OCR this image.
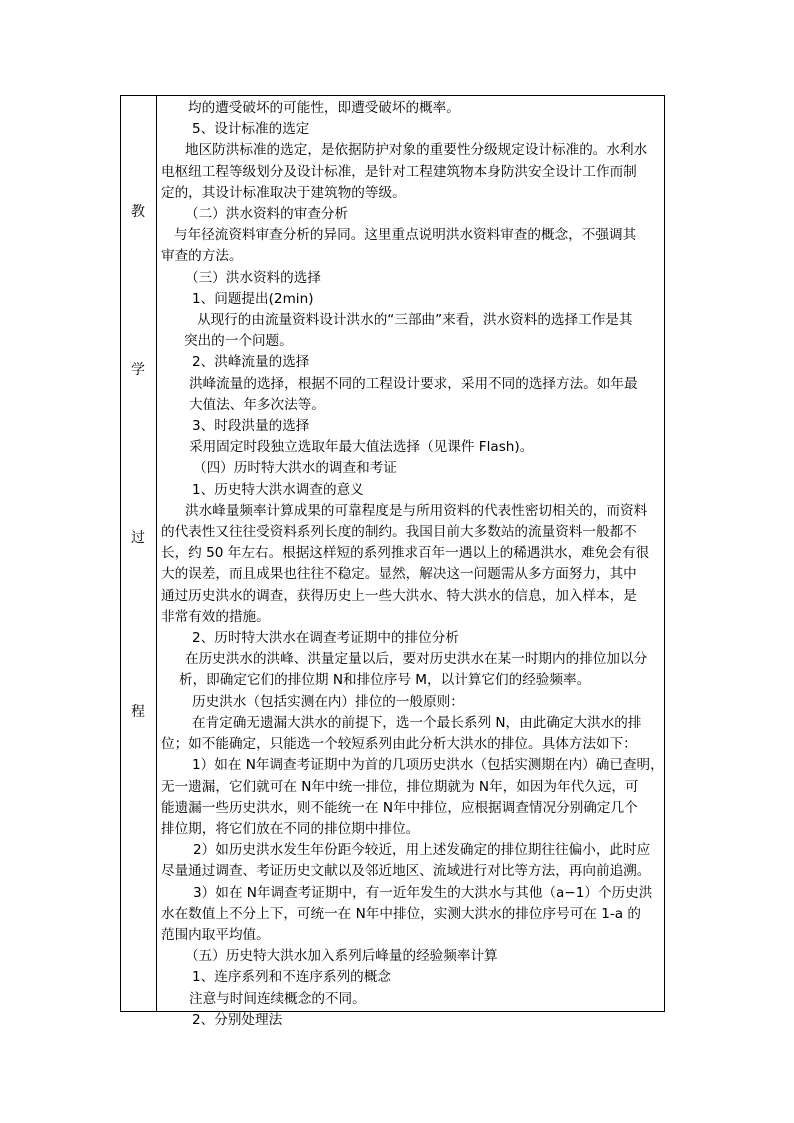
教
学
过
程

均的遭受破坏的可能性，即遭受破坏的概率。

5、设计标准的选定

地区防洪标准的选定，是依据防护对象的重要性分级规定设计标准的。水利水

电枢纽工程等级划分及设计标准，是针对工程建筑物本身防洪安全设计工作而制

定的，其设计标准取决于建筑物的等级。

（二）洪水资料的审查分析

与年径流资料审查分析的异同。这里重点说明洪水资料审查的概念，不强调其

审查的方法。

（三）洪水资料的选择

1、问题提出(2min)

从现行的由流量资料设计洪水的“三部曲”来看，洪水资料的选择工作是其

突出的一个问题。

2、洪峰流量的选择

洪峰流量的选择，根据不同的工程设计要求，采用不同的选择方法。如年最

大值法、年多次法等。

3、时段洪量的选择

采用固定时段独立选取年最大值法选择（见课件 Flash)。

（四）历时特大洪水的调查和考证

1、历史特大洪水调查的意义

洪水峰量频率计算成果的可靠程度是与所用资料的代表性密切相关的，而资料

的代表性又往往受资料系列长度的制约。我国目前大多数站的流量资料一般都不

长，约 50 年左右。根据这样短的系列推求百年一遇以上的稀遇洪水，难免会有很

大的误差，而且成果也往往不稳定。显然，解决这一问题需从多方面努力，其中

通过历史洪水的调查，获得历史上一些大洪水、特大洪水的信息，加入样本，是

非常有效的措施。

2、历时特大洪水在调查考证期中的排位分析

在历史洪水的洪峰、洪量定量以后，要对历史洪水在某一时期内的排位加以分

析，即确定它们的排位期 N和排位序号 M，以计算它们的经验频率。

历史洪水（包括实测在内）排位的一般原则：

在肯定确无遗漏大洪水的前提下，选一个最长系列 N，由此确定大洪水的排

位；如不能确定，只能选一个较短系列由此分析大洪水的排位。具体方法如下：

1）如在 N年调查考证期中为首的几项历史洪水（包括实测期在内）确已查明，

无一遗漏，它们就可在 N年中统一排位，排位期就为 N年，如因为年代久远，可

能遗漏一些历史洪水，则不能统一在 N年中排位，应根据调查情况分别确定几个

排位期，将它们放在不同的排位期中排位。

2）如历史洪水发生年份距今较近，用上述发确定的排位期往往偏小，此时应

尽量通过调查、考证历史文献以及邻近地区、流域进行对比等方法，再向前追溯。

3）如在 N年调查考证期中，有一近年发生的大洪水与其他（a−1）个历史洪

水在数值上不分上下，可统一在 N年中排位，实测大洪水的排位序号可在 1-a 的

范围内取平均值。

（五）历史特大洪水加入系列后峰量的经验频率计算

1、连序系列和不连序系列的概念

注意与时间连续概念的不同。

2、分别处理法
